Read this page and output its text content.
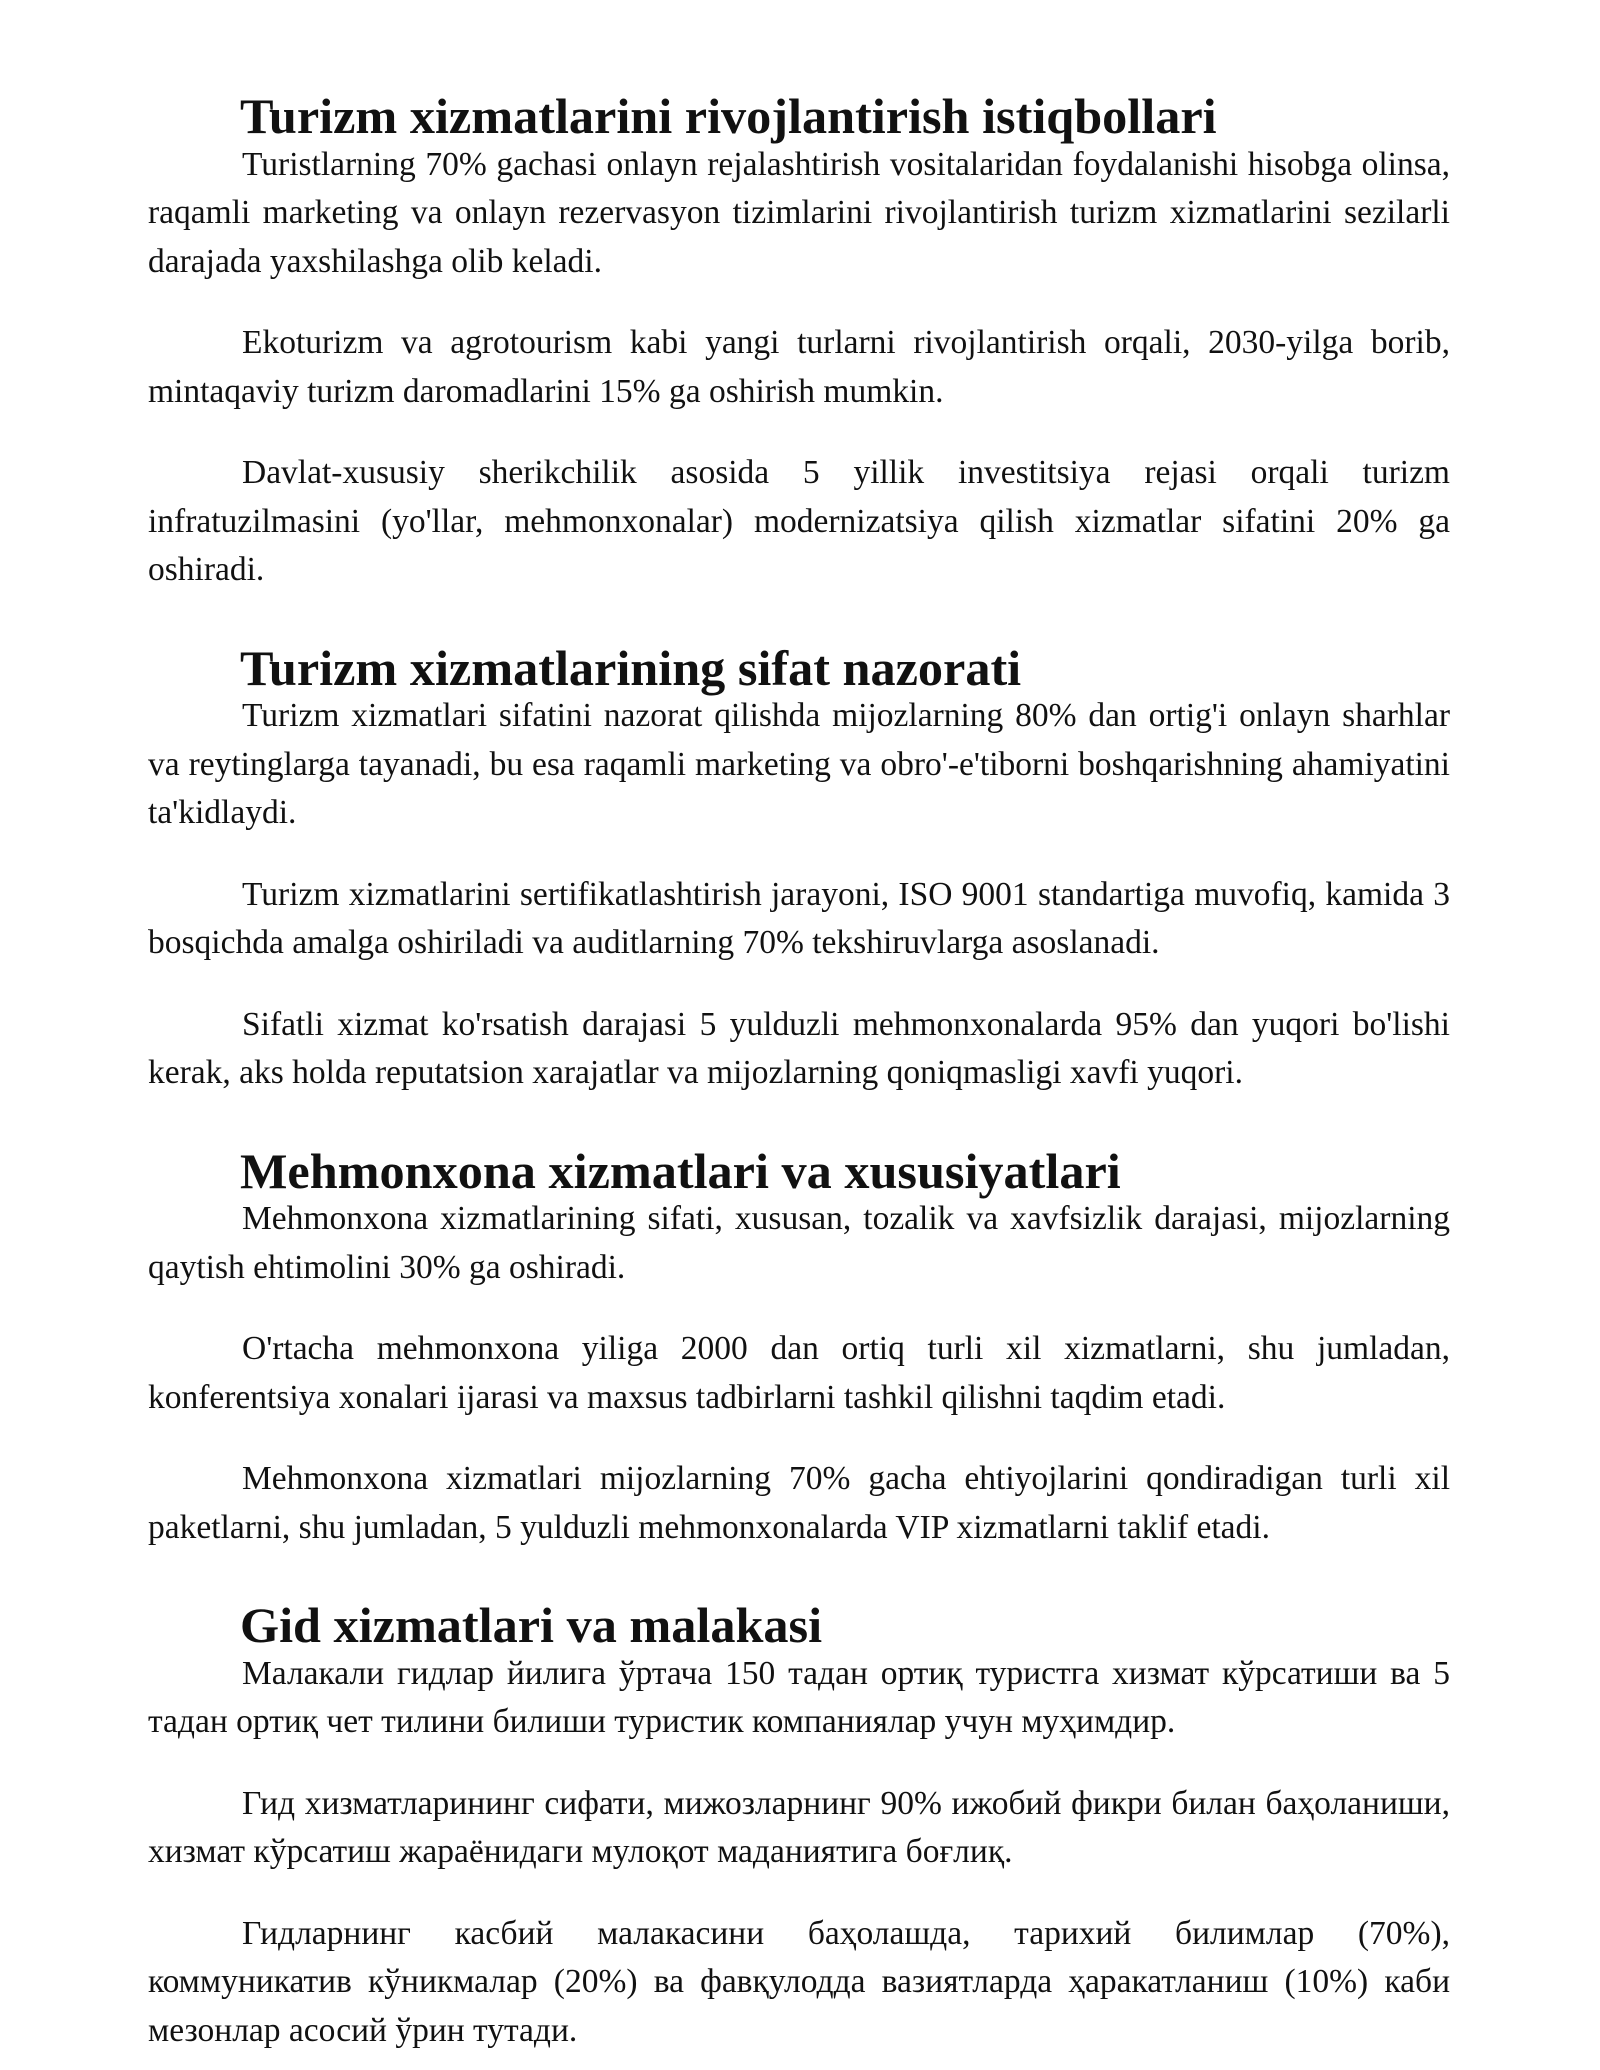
Turizm xizmatlarini rivojlantirish istiqbollari

Turistlarning 70% gachasi onlayn rejalashtirish vositalaridan foydalanishi hisobga olinsa, raqamli marketing va onlayn rezervasyon tizimlarini rivojlantirish turizm xizmatlarini sezilarli darajada yaxshilashga olib keladi.

Ekoturizm va agrotourism kabi yangi turlarni rivojlantirish orqali, 2030-yilga borib, mintaqaviy turizm daromadlarini 15% ga oshirish mumkin.

Davlat-xususiy sherikchilik asosida 5 yillik investitsiya rejasi orqali turizm infratuzilmasini (yo'llar, mehmonxonalar) modernizatsiya qilish xizmatlar sifatini 20% ga oshiradi.

Turizm xizmatlarining sifat nazorati

Turizm xizmatlari sifatini nazorat qilishda mijozlarning 80% dan ortig'i onlayn sharhlar va reytinglarga tayanadi, bu esa raqamli marketing va obro'-e'tiborni boshqarishning ahamiyatini ta'kidlaydi.

Turizm xizmatlarini sertifikatlashtirish jarayoni, ISO 9001 standartiga muvofiq, kamida 3 bosqichda amalga oshiriladi va auditlarning 70% tekshiruvlarga asoslanadi.

Sifatli xizmat ko'rsatish darajasi 5 yulduzli mehmonxonalarda 95% dan yuqori bo'lishi kerak, aks holda reputatsion xarajatlar va mijozlarning qoniqmasligi xavfi yuqori.

Mehmonxona xizmatlari va xususiyatlari

Mehmonxona xizmatlarining sifati, xususan, tozalik va xavfsizlik darajasi, mijozlarning qaytish ehtimolini 30% ga oshiradi.

O'rtacha mehmonxona yiliga 2000 dan ortiq turli xil xizmatlarni, shu jumladan, konferentsiya xonalari ijarasi va maxsus tadbirlarni tashkil qilishni taqdim etadi.

Mehmonxona xizmatlari mijozlarning 70% gacha ehtiyojlarini qondiradigan turli xil paketlarni, shu jumladan, 5 yulduzli mehmonxonalarda VIP xizmatlarni taklif etadi.

Gid xizmatlari va malakasi

Малакали гидлар йилига ўртача 150 тадан ортиқ туристга хизмат кўрсатиши ва 5 тадан ортиқ чет тилини билиши туристик компаниялар учун муҳимдир.

Гид хизматларининг сифати, мижозларнинг 90% ижобий фикри билан баҳоланиши, хизмат кўрсатиш жараёнидаги мулоқот маданиятига боғлиқ.

Гидларнинг касбий малакасини баҳолашда, тарихий билимлар (70%), коммуникатив кўникмалар (20%) ва фавқулодда вазиятларда ҳаракатланиш (10%) каби мезонлар асосий ўрин тутади.
